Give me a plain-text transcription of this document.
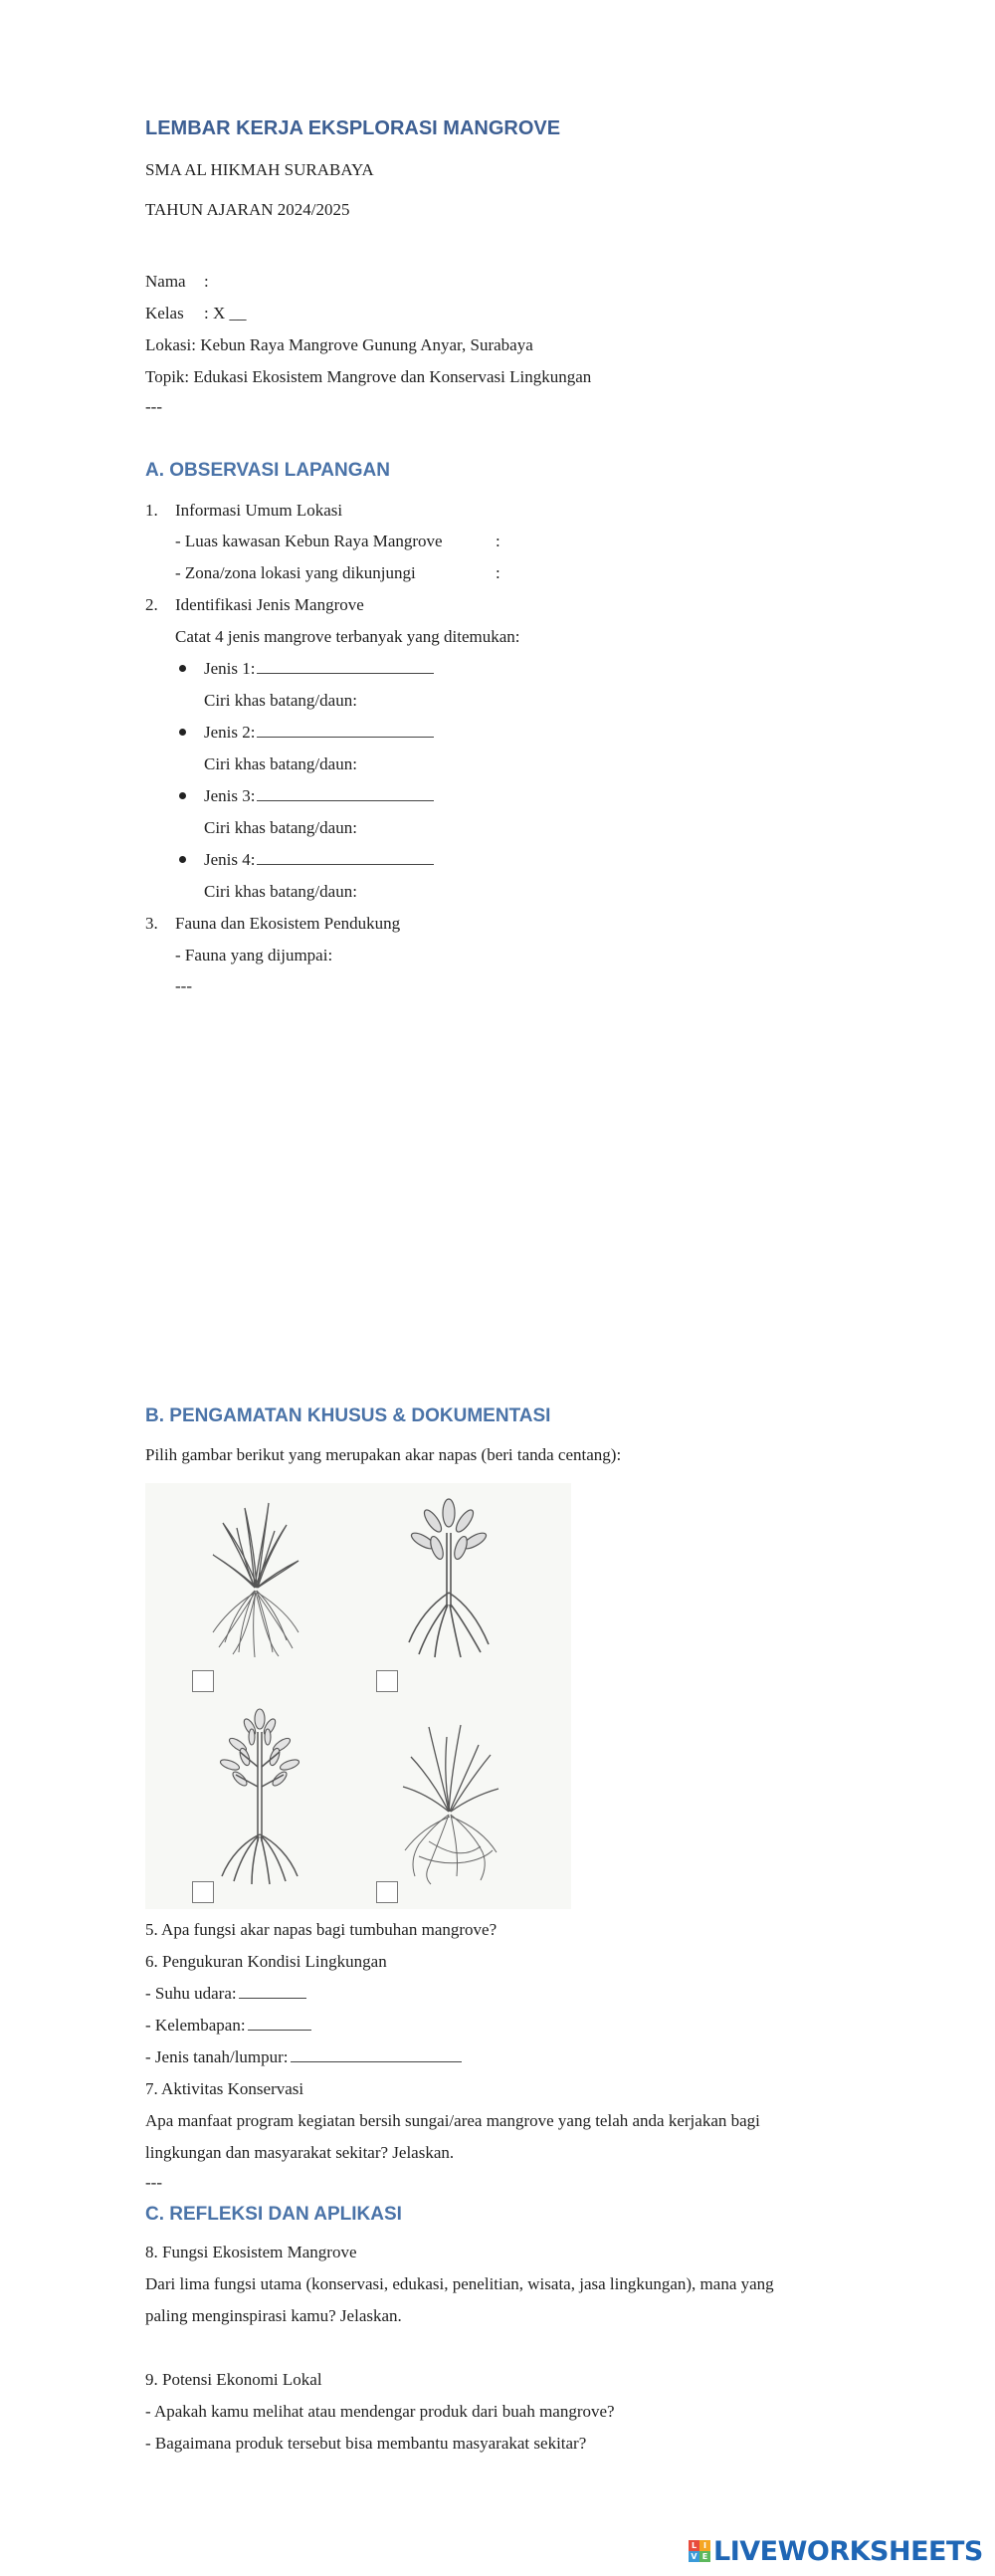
LEMBAR KERJA EKSPLORASI MANGROVE
SMA AL HIKMAH SURABAYA
TAHUN AJARAN 2024/2025
Nama :
Kelas : X __
Lokasi: Kebun Raya Mangrove Gunung Anyar, Surabaya
Topik: Edukasi Ekosistem Mangrove dan Konservasi Lingkungan
---
A. OBSERVASI LAPANGAN
1. Informasi Umum Lokasi
- Luas kawasan Kebun Raya Mangrove	:
- Zona/zona lokasi yang dikunjungi	:
2. Identifikasi Jenis Mangrove
Catat 4 jenis mangrove terbanyak yang ditemukan:
Jenis 1:
Ciri khas batang/daun:
Jenis 2:
Ciri khas batang/daun:
Jenis 3:
Ciri khas batang/daun:
Jenis 4:
Ciri khas batang/daun:
3. Fauna dan Ekosistem Pendukung
- Fauna yang dijumpai:
---
B. PENGAMATAN KHUSUS & DOKUMENTASI
Pilih gambar berikut yang merupakan akar napas (beri tanda centang):
5. Apa fungsi akar napas bagi tumbuhan mangrove?
6. Pengukuran Kondisi Lingkungan
- Suhu udara:
- Kelembapan:
- Jenis tanah/lumpur:
7. Aktivitas Konservasi
Apa manfaat program kegiatan bersih sungai/area mangrove yang telah anda kerjakan bagi
lingkungan dan masyarakat sekitar? Jelaskan.
---
C. REFLEKSI DAN APLIKASI
8. Fungsi Ekosistem Mangrove
Dari lima fungsi utama (konservasi, edukasi, penelitian, wisata, jasa lingkungan), mana yang
paling menginspirasi kamu? Jelaskan.
9. Potensi Ekonomi Lokal
- Apakah kamu melihat atau mendengar produk dari buah mangrove?
- Bagaimana produk tersebut bisa membantu masyarakat sekitar?
L I
V E LIVEWORKSHEETS
